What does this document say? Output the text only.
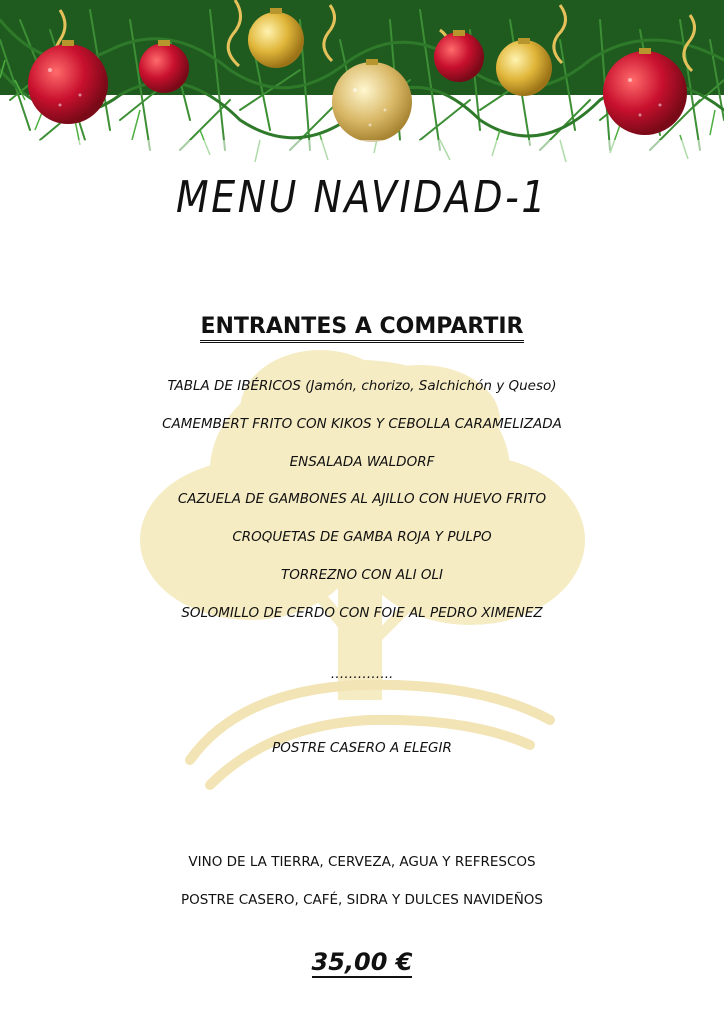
MENU NAVIDAD-1
ENTRANTES A COMPARTIR
TABLA DE IBÉRICOS (Jamón, chorizo, Salchichón y Queso)
CAMEMBERT FRITO CON KIKOS Y CEBOLLA CARAMELIZADA
ENSALADA WALDORF
CAZUELA DE GAMBONES AL AJILLO CON HUEVO FRITO
CROQUETAS DE GAMBA ROJA Y PULPO
TORREZNO CON ALI OLI
SOLOMILLO DE CERDO CON FOIE AL PEDRO XIMENEZ
…………..
POSTRE CASERO A ELEGIR
VINO DE LA TIERRA, CERVEZA, AGUA Y REFRESCOS
POSTRE CASERO, CAFÉ, SIDRA Y DULCES NAVIDEÑOS
35,00 €
